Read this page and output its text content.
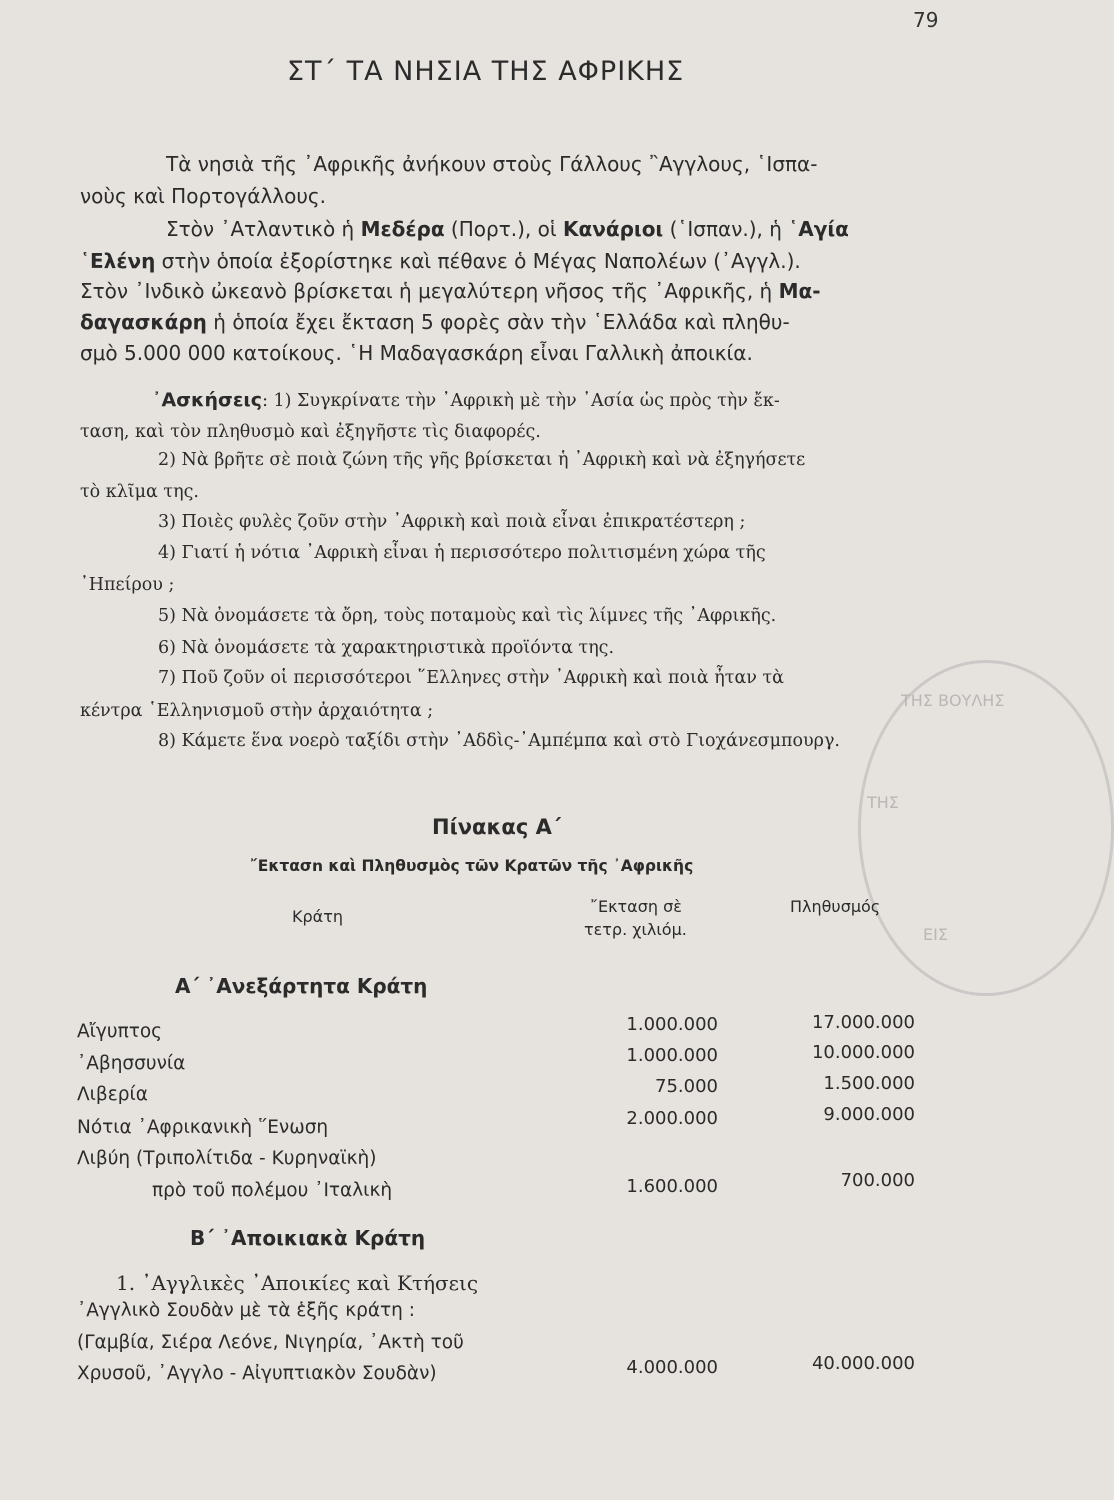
79
ΣΤ΄ ΤΑ ΝΗΣΙΑ ΤΗΣ ΑΦΡΙΚΗΣ
Τὰ νησιὰ τῆς ᾿Αφρικῆς ἀνήκουν στοὺς Γάλλους ῍Αγγλους, ῾Ισπα-
νοὺς καὶ Πορτογάλλους.
Στὸν ᾿Ατλαντικὸ ἡ Μεδέρα (Πορτ.), οἱ Κανάριοι (῾Ισπαν.), ἡ ῾Αγία
῾Ελένη στὴν ὁποία ἐξορίστηκε καὶ πέθανε ὁ Μέγας Ναπολέων (᾿Αγγλ.).
Στὸν ᾿Ινδικὸ ὠκεανὸ βρίσκεται ἡ μεγαλύτερη νῆσος τῆς ᾿Αφρικῆς, ἡ Μα-
δαγασκάρη ἡ ὁποία ἔχει ἔκταση 5 φορὲς σὰν τὴν ῾Ελλάδα καὶ πληθυ-
σμὸ 5.000 000 κατοίκους. ῾Η Μαδαγασκάρη εἶναι Γαλλικὴ ἀποικία.
᾿Ασκήσεις: 1) Συγκρίνατε τὴν ᾿Αφρικὴ μὲ τὴν ᾿Ασία ὡς πρὸς τὴν ἔκ-
ταση, καὶ τὸν πληθυσμὸ καὶ ἐξηγῆστε τὶς διαφορές.
2) Νὰ βρῆτε σὲ ποιὰ ζώνη τῆς γῆς βρίσκεται ἡ ᾿Αφρικὴ καὶ νὰ ἐξηγήσετε
τὸ κλῖμα της.
3) Ποιὲς φυλὲς ζοῦν στὴν ᾿Αφρικὴ καὶ ποιὰ εἶναι ἐπικρατέστερη ;
4) Γιατί ἡ νότια ᾿Αφρικὴ εἶναι ἡ περισσότερο πολιτισμένη χώρα τῆς
᾿Ηπείρου ;
5) Νὰ ὀνομάσετε τὰ ὄρη, τοὺς ποταμοὺς καὶ τὶς λίμνες τῆς ᾿Αφρικῆς.
6) Νὰ ὀνομάσετε τὰ χαρακτηριστικὰ προϊόντα της.
7) Ποῦ ζοῦν οἱ περισσότεροι ῞Ελληνες στὴν ᾿Αφρικὴ καὶ ποιὰ ἦταν τὰ
κέντρα ῾Ελληνισμοῦ στὴν ἀρχαιότητα ;
8) Κάμετε ἕνα νοερὸ ταξίδι στὴν ᾿Αδδὶς-᾿Αμπέμπα καὶ στὸ Γιοχάνεσμπουργ.
ΤΗΣ ΒΟΥΛΗΣ
ΤΗΣ
ΕΙΣ
Πίνακας Α΄
῎Εκτασn καὶ Πληθυσμὸς τῶν Κρατῶν τῆς ᾿Αφρικῆς
Κράτη
῎Εκταση σὲ
τετρ. χιλιόμ.
Πληθυσμός
Α΄ ᾿Ανεξάρτητα Κράτη
Αἴγυπτος	1.000.000	17.000.000
᾿Αβησσυνία	1.000.000	10.000.000
Λιβερία	75.000	1.500.000
Νότια ᾿Αφρικανικὴ ῞Ενωση	2.000.000	9.000.000
Λιβύη (Τριπολίτιδα - Κυρηναϊκὴ)
πρὸ τοῦ πολέμου ᾿Ιταλικὴ	1.600.000	700.000
Β΄ ᾿Αποικιακὰ Κράτη
1. ᾿Αγγλικὲς ᾿Αποικίες καὶ Κτήσεις
᾿Αγγλικὸ Σουδὰν μὲ τὰ ἑξῆς κράτη :
(Γαμβία, Σιέρα Λεόνε, Νιγηρία, ᾿Ακτὴ τοῦ
Χρυσοῦ, ᾿Αγγλο - Αἰγυπτιακὸν Σουδὰν)	4.000.000	40.000.000
